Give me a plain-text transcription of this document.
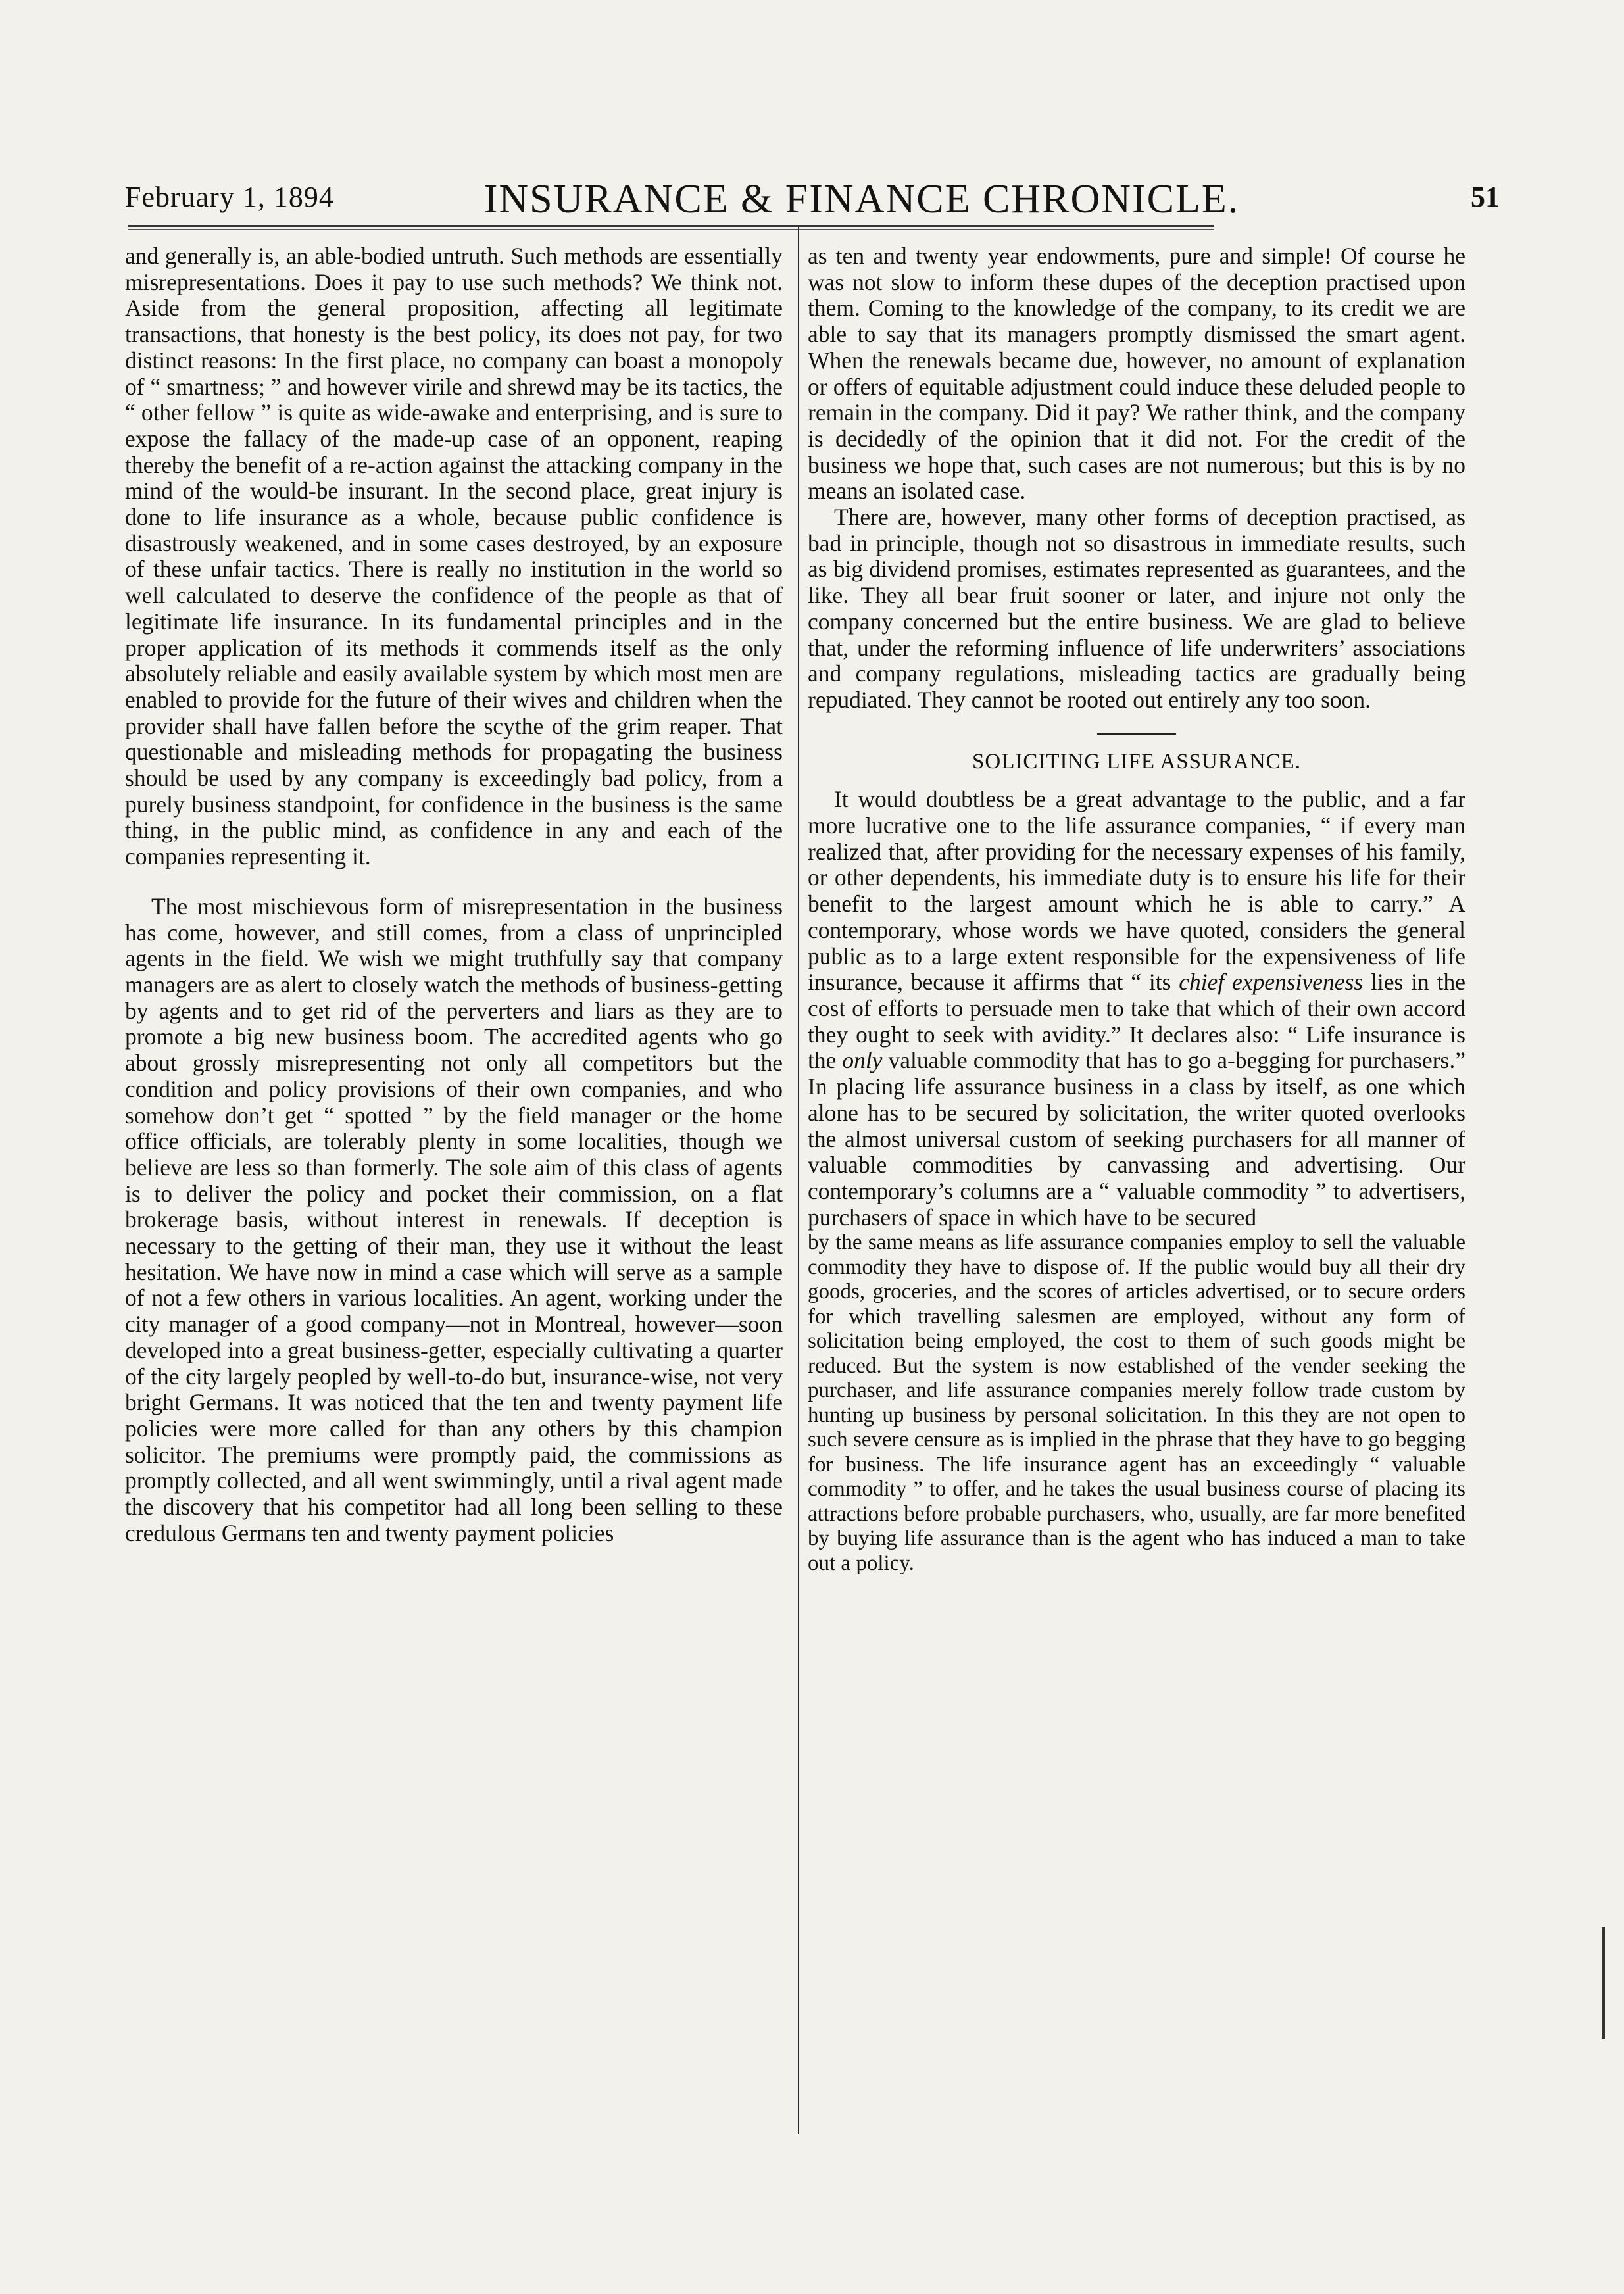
February 1, 1894	INSURANCE & FINANCE CHRONICLE.	51

and generally is, an able-bodied untruth. Such methods are essentially misrepresentations. Does it pay to use such methods? We think not. Aside from the general proposition, affecting all legitimate transactions, that honesty is the best policy, its does not pay, for two distinct reasons: In the first place, no company can boast a monopoly of “ smartness; ” and however virile and shrewd may be its tactics, the “ other fellow ” is quite as wide-awake and enterprising, and is sure to expose the fallacy of the made-up case of an opponent, reaping thereby the benefit of a re-action against the attacking company in the mind of the would-be insurant. In the second place, great injury is done to life insurance as a whole, because public confidence is disastrously weakened, and in some cases destroyed, by an exposure of these unfair tactics. There is really no institution in the world so well calculated to deserve the confidence of the people as that of legitimate life insurance. In its fundamental principles and in the proper application of its methods it commends itself as the only absolutely reliable and easily available system by which most men are enabled to provide for the future of their wives and children when the provider shall have fallen before the scythe of the grim reaper. That questionable and misleading methods for propagating the business should be used by any company is exceedingly bad policy, from a purely business standpoint, for confidence in the business is the same thing, in the public mind, as confidence in any and each of the companies representing it.

The most mischievous form of misrepresentation in the business has come, however, and still comes, from a class of unprincipled agents in the field. We wish we might truthfully say that company managers are as alert to closely watch the methods of business-getting by agents and to get rid of the perverters and liars as they are to promote a big new business boom. The accredited agents who go about grossly misrepresenting not only all competitors but the condition and policy provisions of their own companies, and who somehow don’t get “ spotted ” by the field manager or the home office officials, are tolerably plenty in some localities, though we believe are less so than formerly. The sole aim of this class of agents is to deliver the policy and pocket their commission, on a flat brokerage basis, without interest in renewals. If deception is necessary to the getting of their man, they use it without the least hesitation. We have now in mind a case which will serve as a sample of not a few others in various localities. An agent, working under the city manager of a good company—not in Montreal, however—soon developed into a great business-getter, especially cultivating a quarter of the city largely peopled by well-to-do but, insurance-wise, not very bright Germans. It was noticed that the ten and twenty payment life policies were more called for than any others by this champion solicitor. The premiums were promptly paid, the commissions as promptly collected, and all went swimmingly, until a rival agent made the discovery that his competitor had all long been selling to these credulous Germans ten and twenty payment policies

as ten and twenty year endowments, pure and simple! Of course he was not slow to inform these dupes of the deception practised upon them. Coming to the knowledge of the company, to its credit we are able to say that its managers promptly dismissed the smart agent. When the renewals became due, however, no amount of explanation or offers of equitable adjustment could induce these deluded people to remain in the company. Did it pay? We rather think, and the company is decidedly of the opinion that it did not. For the credit of the business we hope that, such cases are not numerous; but this is by no means an isolated case.

There are, however, many other forms of deception practised, as bad in principle, though not so disastrous in immediate results, such as big dividend promises, estimates represented as guarantees, and the like. They all bear fruit sooner or later, and injure not only the company concerned but the entire business. We are glad to believe that, under the reforming influence of life underwriters’ associations and company regulations, misleading tactics are gradually being repudiated. They cannot be rooted out entirely any too soon.

SOLICITING LIFE ASSURANCE.

It would doubtless be a great advantage to the public, and a far more lucrative one to the life assurance companies, “ if every man realized that, after providing for the necessary expenses of his family, or other dependents, his immediate duty is to ensure his life for their benefit to the largest amount which he is able to carry.” A contemporary, whose words we have quoted, considers the general public as to a large extent responsible for the expensiveness of life insurance, because it affirms that “ its chief expensiveness lies in the cost of efforts to persuade men to take that which of their own accord they ought to seek with avidity.” It declares also: “ Life insurance is the only valuable commodity that has to go a-begging for purchasers.” In placing life assurance business in a class by itself, as one which alone has to be secured by solicitation, the writer quoted overlooks the almost universal custom of seeking purchasers for all manner of valuable commodities by canvassing and advertising. Our contemporary’s columns are a “ valuable commodity ” to advertisers, purchasers of space in which have to be secured

by the same means as life assurance companies employ to sell the valuable commodity they have to dispose of. If the public would buy all their dry goods, groceries, and the scores of articles advertised, or to secure orders for which travelling salesmen are employed, without any form of solicitation being employed, the cost to them of such goods might be reduced. But the system is now established of the vender seeking the purchaser, and life assurance companies merely follow trade custom by hunting up business by personal solicitation. In this they are not open to such severe censure as is implied in the phrase that they have to go begging for business. The life insurance agent has an exceedingly “ valuable commodity ” to offer, and he takes the usual business course of placing its attractions before probable purchasers, who, usually, are far more benefited by buying life assurance than is the agent who has induced a man to take out a policy.
